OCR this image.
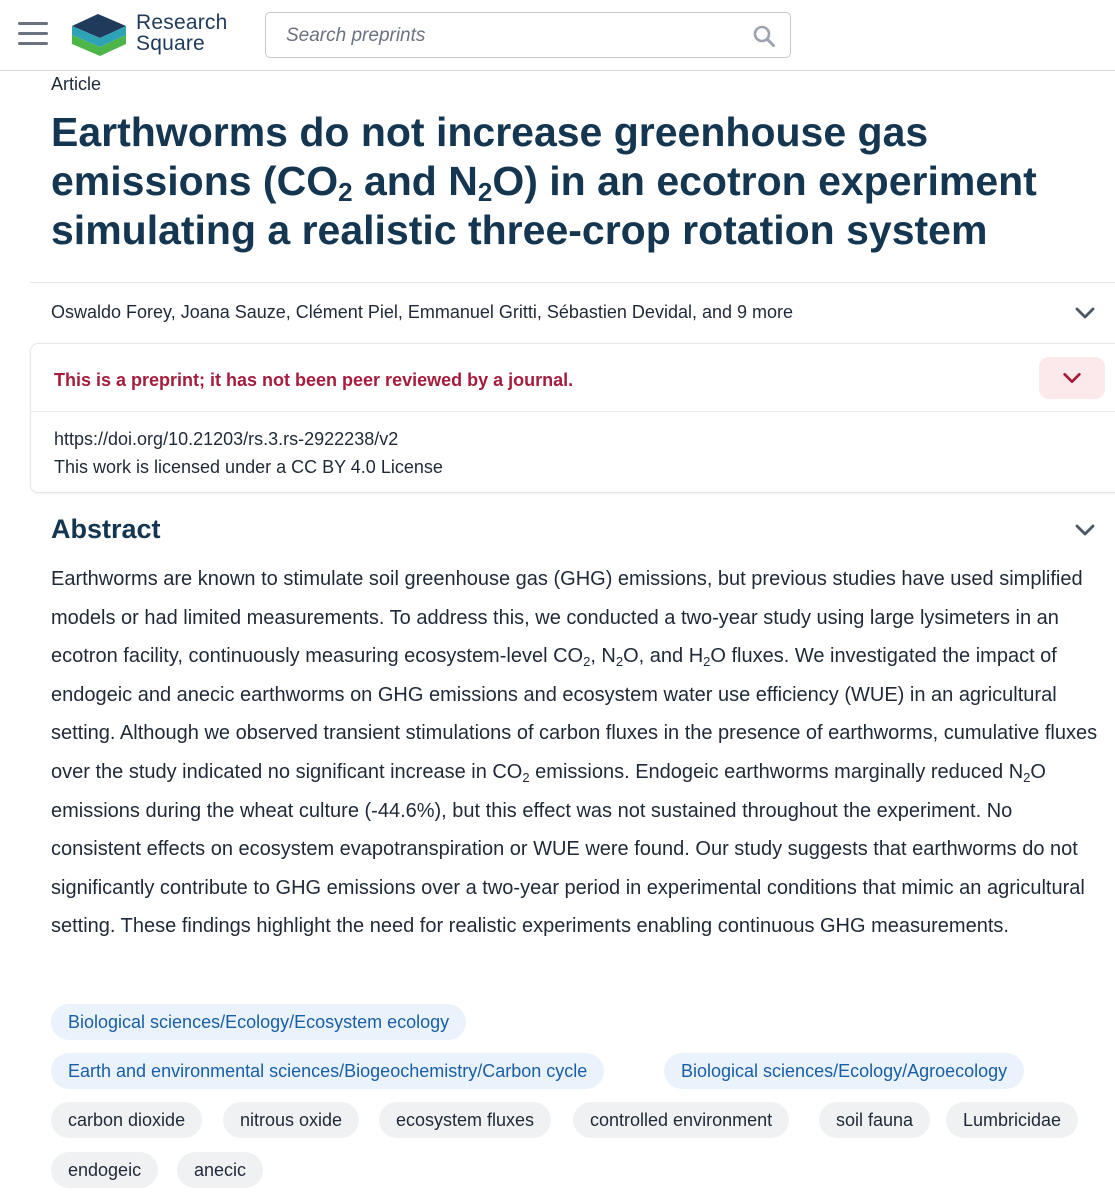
Research
Square
Search preprints
Article
Earthworms do not increase greenhouse gas emissions ($CO_2$ and $N_2O$) in an ecotron experiment simulating a realistic three-crop rotation system
Oswaldo Forey, Joana Sauze, Clément Piel, Emmanuel Gritti, Sébastien Devidal, and 9 more
This is a preprint; it has not been peer reviewed by a journal.
https://doi.org/10.21203/rs.3.rs-2922238/v2
This work is licensed under a CC BY 4.0 License
Abstract

Earthworms are known to stimulate soil greenhouse gas (GHG) emissions, but previous studies have used simplified models or had limited measurements. To address this, we conducted a two-year study using large lysimeters in an ecotron facility, continuously measuring ecosystem-level $CO_2$, $N_2O$, and $H_2O$ fluxes. We investigated the impact of endogeic and anecic earthworms on GHG emissions and ecosystem water use efficiency (WUE) in an agricultural setting. Although we observed transient stimulations of carbon fluxes in the presence of earthworms, cumulative fluxes over the study indicated no significant increase in $CO_2$ emissions. Endogeic earthworms marginally reduced $N_2O$ emissions during the wheat culture (-44.6%), but this effect was not sustained throughout the experiment. No consistent effects on ecosystem evapotranspiration or WUE were found. Our study suggests that earthworms do not significantly contribute to GHG emissions over a two-year period in experimental conditions that mimic an agricultural setting. These findings highlight the need for realistic experiments enabling continuous GHG measurements.

Biological sciences/Ecology/Ecosystem ecology
Earth and environmental sciences/Biogeochemistry/Carbon cycle	Biological sciences/Ecology/Agroecology
carbon dioxide	nitrous oxide	ecosystem fluxes	controlled environment	soil fauna	Lumbricidae
endogeic	anecic
